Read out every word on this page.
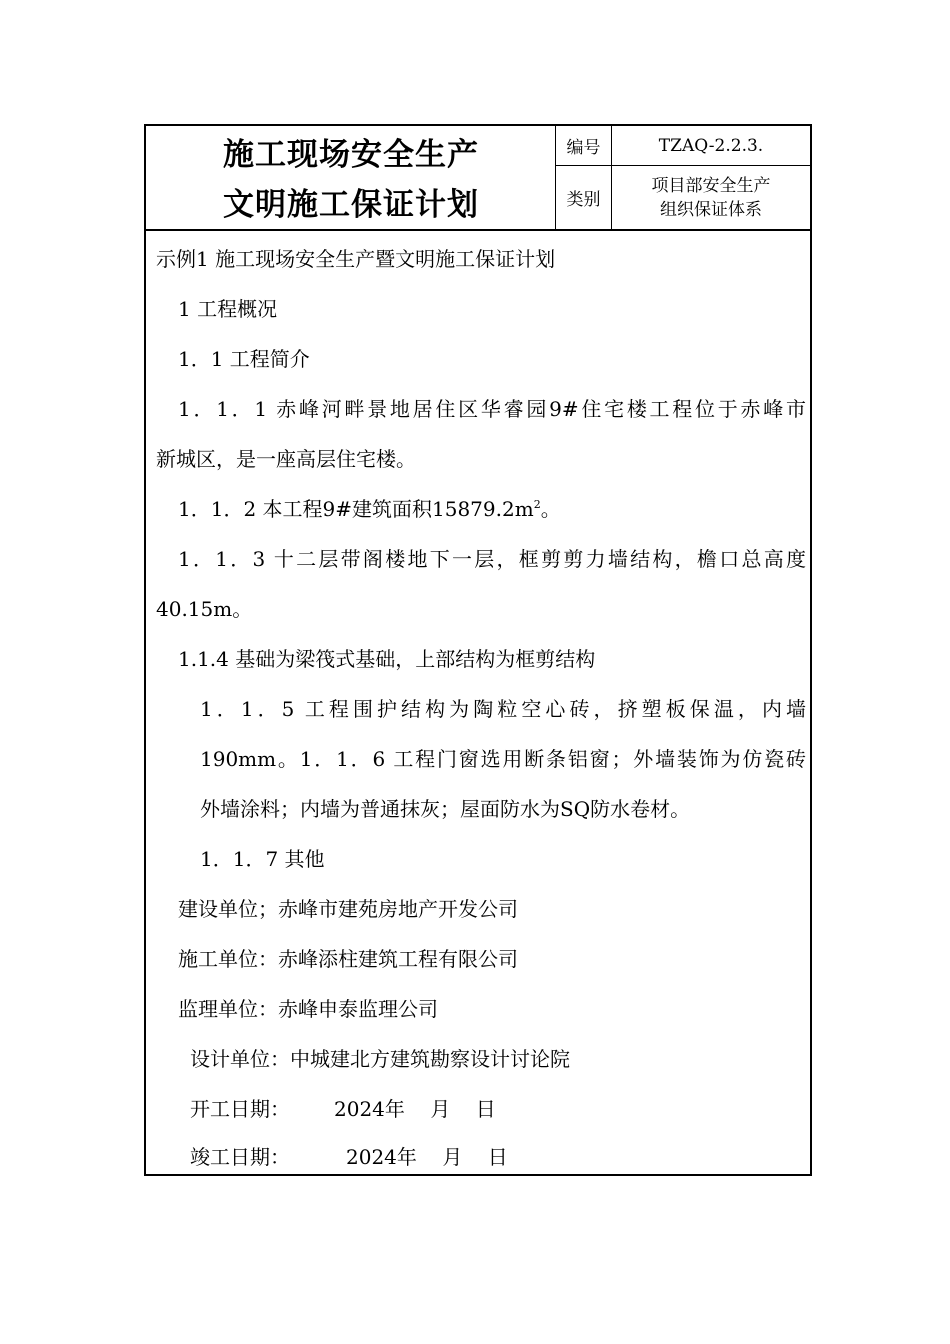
施工现场安全生产
文明施工保证计划
编号	TZAQ-2.2.3.
类别
项目部安全生产
组织保证体系
示例1 施工现场安全生产暨文明施工保证计划
1 工程概况
1．1 工程简介
1．1．1 赤峰河畔景地居住区华睿园9#住宅楼工程位于赤峰市
新城区，是一座高层住宅楼。
1．1．2 本工程9#建筑面积$15879.2m^2$。
1．1．3 十二层带阁楼地下一层，框剪剪力墙结构，檐口总高度
40.15m。
1.1.4 基础为梁筏式基础，上部结构为框剪结构
1．1．5 工程围护结构为陶粒空心砖，挤塑板保温，内墙
190mm。1．1．6 工程门窗选用断条铝窗；外墙装饰为仿瓷砖
外墙涂料；内墙为普通抹灰；屋面防水为SQ防水卷材。
1．1．7 其他
建设单位；赤峰市建苑房地产开发公司
施工单位：赤峰添柱建筑工程有限公司
监理单位：赤峰申泰监理公司
设计单位：中城建北方建筑勘察设计讨论院
开工日期： 2024年    月    日
竣工日期：	2024年    月    日
